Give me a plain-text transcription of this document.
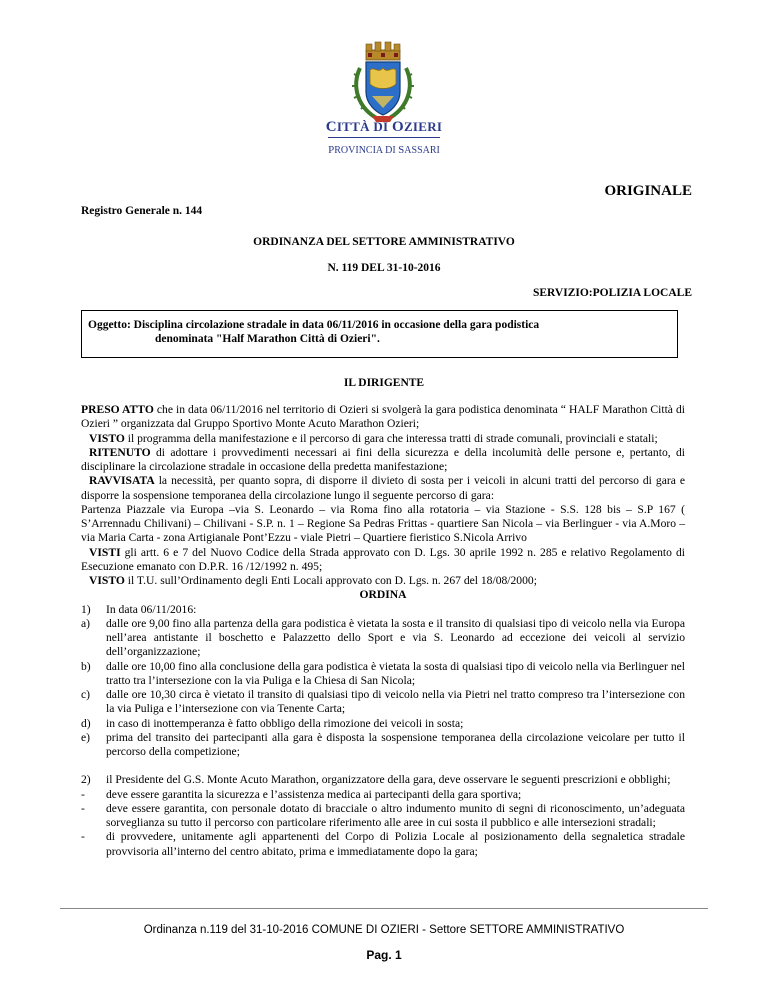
CITTÀ DI OZIERI
PROVINCIA DI SASSARI
ORIGINALE
Registro Generale n. 144
ORDINANZA DEL SETTORE AMMINISTRATIVO
N. 119 DEL 31-10-2016
SERVIZIO:POLIZIA LOCALE
Oggetto: Disciplina circolazione stradale in data 06/11/2016 in occasione della gara podistica
denominata "Half Marathon Città di Ozieri".
IL DIRIGENTE

PRESO ATTO che in data 06/11/2016 nel territorio di Ozieri si svolgerà la gara podistica denominata “ HALF Marathon Città di Ozieri ” organizzata dal Gruppo Sportivo Monte Acuto Marathon Ozieri;

VISTO il programma della manifestazione e il percorso di gara che interessa tratti di strade comunali, provinciali e statali;

RITENUTO di adottare i provvedimenti necessari ai fini della sicurezza e della incolumità delle persone e, pertanto, di disciplinare la circolazione stradale in occasione della predetta manifestazione;

RAVVISATA la necessità, per quanto sopra, di disporre il divieto di sosta per i veicoli in alcuni tratti del percorso di gara e disporre la sospensione temporanea della circolazione lungo il seguente percorso di gara:

Partenza Piazzale via Europa –via S. Leonardo – via Roma fino alla rotatoria – via Stazione - S.S. 128 bis – S.P 167 ( S’Arrennadu Chilivani) – Chilivani - S.P. n. 1 – Regione Sa Pedras Frittas - quartiere San Nicola – via Berlinguer - via A.Moro – via Maria Carta - zona Artigianale Pont’Ezzu - viale Pietri – Quartiere fieristico S.Nicola Arrivo

VISTI gli artt. 6 e 7 del Nuovo Codice della Strada approvato con D. Lgs. 30 aprile 1992 n. 285 e relativo Regolamento di Esecuzione emanato con D.P.R. 16 /12/1992 n. 495;

VISTO il T.U. sull’Ordinamento degli Enti Locali approvato con D. Lgs. n. 267 del 18/08/2000;

ORDINA

1)	In data 06/11/2016:
a)	dalle ore 9,00 fino alla partenza della gara podistica è vietata la sosta e il transito di qualsiasi tipo di veicolo nella via Europa nell’area antistante il boschetto e Palazzetto dello Sport e via S. Leonardo ad eccezione dei veicoli al servizio dell’organizzazione;
b)	dalle ore 10,00 fino alla conclusione della gara podistica è vietata la sosta di qualsiasi tipo di veicolo nella via Berlinguer nel tratto tra l’intersezione con la via Puliga e la Chiesa di San Nicola;
c)	dalle ore 10,30 circa è vietato il transito di qualsiasi tipo di veicolo nella via Pietri nel tratto compreso tra l’intersezione con la via Puliga e l’intersezione con via Tenente Carta;
d)	in caso di inottemperanza è fatto obbligo della rimozione dei veicoli in sosta;
e)	prima del transito dei partecipanti alla gara è disposta la sospensione temporanea della circolazione veicolare per tutto il percorso della competizione;
2)	il Presidente del G.S. Monte Acuto Marathon, organizzatore della gara, deve osservare le seguenti prescrizioni e obblighi;
-	deve essere garantita la sicurezza e l’assistenza medica ai partecipanti della gara sportiva;
-	deve essere garantita, con personale dotato di bracciale o altro indumento munito di segni di riconoscimento, un’adeguata sorveglianza su tutto il percorso con particolare riferimento alle aree in cui sosta il pubblico e alle intersezioni stradali;
-	di provvedere, unitamente agli appartenenti del Corpo di Polizia Locale al posizionamento della segnaletica stradale provvisoria all’interno del centro abitato, prima e immediatamente dopo la gara;
Ordinanza n.119 del 31-10-2016 COMUNE DI OZIERI - Settore SETTORE AMMINISTRATIVO
Pag. 1
